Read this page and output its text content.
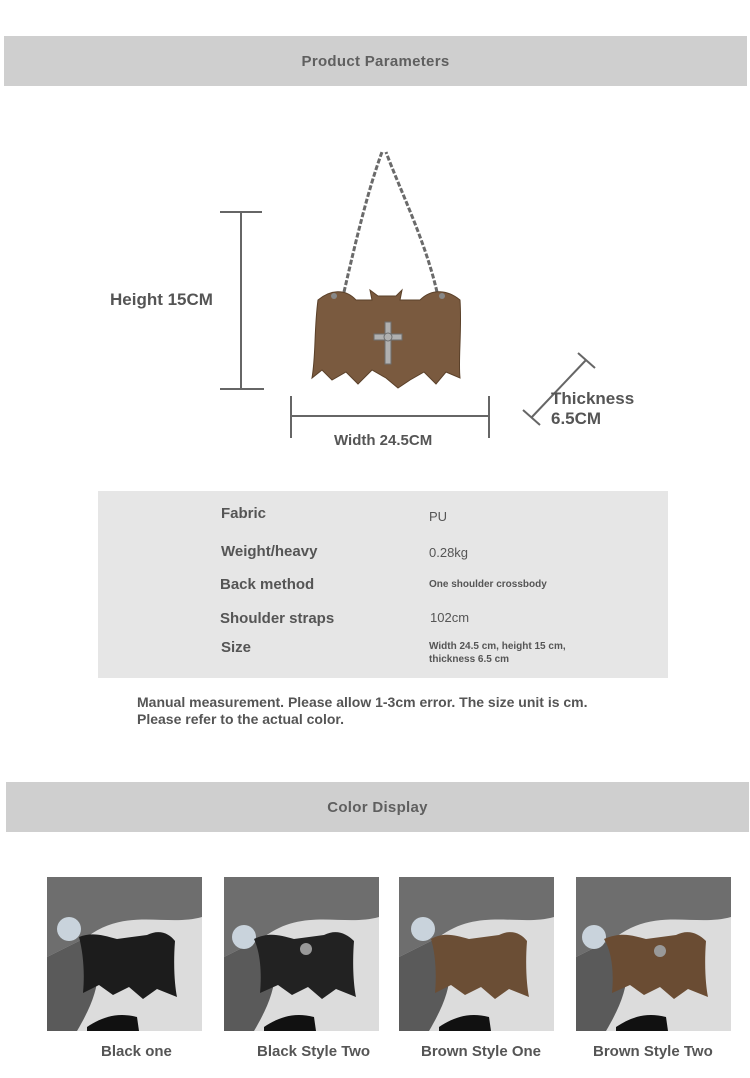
Product Parameters
Height 15CM
Width 24.5CM
Thickness
6.5CM
Fabric	PU
Weight/heavy	0.28kg
Back method	One shoulder crossbody
Shoulder straps	102cm
Size	Width 24.5 cm, height 15 cm,
thickness 6.5 cm
Manual measurement. Please allow 1-3cm error. The size unit is cm.
Please refer to the actual color.
Color Display
Black one	Black Style Two	Brown Style One	Brown Style Two
